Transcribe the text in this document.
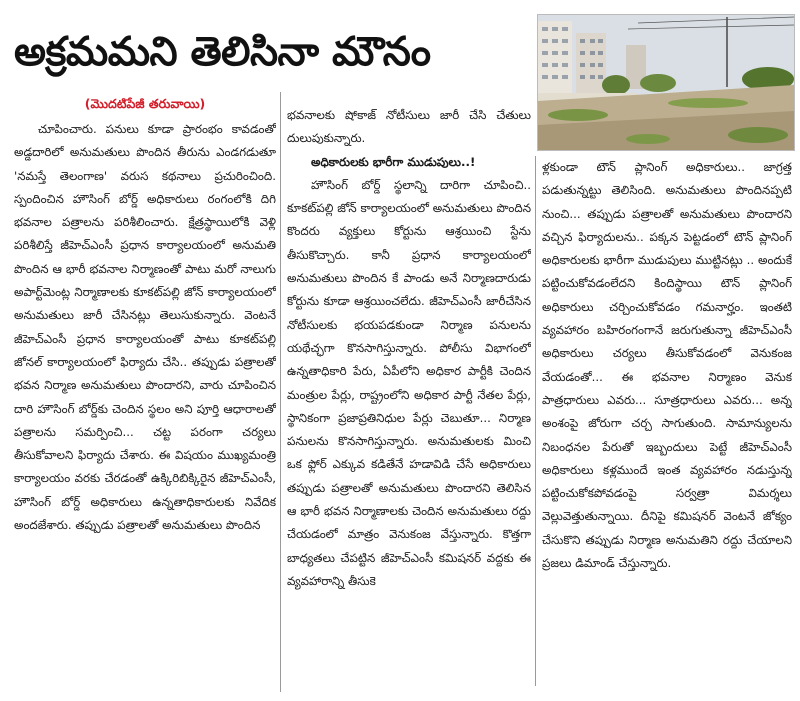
అక్రమమని తెలిసినా మౌనం

(మొదటిపేజీ తరువాయి)

చూపించారు. పనులు కూడా ప్రారంభం కావడంతో అడ్డదారిలో అనుమతులు పొందిన తీరును ఎండగడుతూ 'నమస్తే తెలంగాణ' వరుస కథనాలు ప్రచురించింది. స్పందించిన హౌసింగ్ బోర్డ్ అధికారులు రంగంలోకి దిగి భవనాల పత్రాలను పరిశీలించారు. క్షేత్రస్థాయిలోకి వెళ్లి పరిశీలిస్తే జీహెచ్ఎంసీ ప్రధాన కార్యాలయంలో అనుమతి పొందిన ఆ భారీ భవనాల నిర్మాణంతో పాటు మరో నాలుగు అపార్ట్‌మెంట్ల నిర్మాణాలకు కూకట్‌పల్లి జోన్ కార్యాలయంలో అనుమతులు జారీ చేసినట్లు తెలుసుకున్నారు. వెంటనే జీహెచ్ఎంసీ ప్రధాన కార్యాలయంతో పాటు కూకట్‌పల్లి జోనల్ కార్యాలయంలో ఫిర్యాదు చేసి.. తప్పుడు పత్రాలతో భవన నిర్మాణ అనుమతులు పొందారని, వారు చూపించిన దారి హౌసింగ్ బోర్డ్‌కు చెందిన స్థలం అని పూర్తి ఆధారాలతో పత్రాలను సమర్పించి... చట్ట పరంగా చర్యలు తీసుకోవాలని ఫిర్యాదు చేశారు. ఈ విషయం ముఖ్యమంత్రి కార్యాలయం వరకు చేరడంతో ఉక్కిరిబిక్కిరైన జీహెచ్ఎంసీ, హౌసింగ్ బోర్డ్ అధికారులు ఉన్నతాధికారులకు నివేదిక అందజేశారు. తప్పుడు పత్రాలతో అనుమతులు పొందిన

భవనాలకు షోకాజ్ నోటీసులు జారీ చేసి చేతులు దులుపుకున్నారు.

అధికారులకు భారీగా ముడుపులు..!

హౌసింగ్ బోర్డ్ స్థలాన్ని దారిగా చూపించి.. కూకట్‌పల్లి జోన్ కార్యాలయంలో అనుమతులు పొందిన కొందరు వ్యక్తులు కోర్టును ఆశ్రయించి స్టేను తీసుకొచ్చారు. కానీ ప్రధాన కార్యాలయంలో అనుమతులు పొందిన కే పాండు అనే నిర్మాణదారుడు కోర్టును కూడా ఆశ్రయించలేదు. జీహెచ్ఎంసీ జారీచేసిన నోటీసులకు భయపడకుండా నిర్మాణ పనులను యథేచ్ఛగా కొనసాగిస్తున్నారు. పోలీసు విభాగంలో ఉన్నతాధికారి పేరు, ఏపీలోని అధికార పార్టీకి చెందిన మంత్రుల పేర్లు, రాష్ట్రంలోని అధికార పార్టీ నేతల పేర్లు, స్థానికంగా ప్రజాప్రతినిధుల పేర్లు చెబుతూ... నిర్మాణ పనులను కొనసాగిస్తున్నారు. అనుమతులకు మించి ఒక ఫ్లోర్ ఎక్కువ కడితేనే హడావిడి చేసే అధికారులు తప్పుడు పత్రాలతో అనుమతులు పొందారని తెలిసిన ఆ భారీ భవన నిర్మాణాలకు చెందిన అనుమతులు రద్దు చేయడంలో మాత్రం వెనుకంజ వేస్తున్నారు. కొత్తగా బాధ్యతలు చేపట్టిన జీహెచ్ఎంసీ కమిషనర్ వద్దకు ఈ వ్యవహారాన్ని తీసుకె

ళ్లకుండా టౌన్ ప్లానింగ్ అధికారులు.. జాగ్రత్త పడుతున్నట్టు తెలిసింది. అనుమతులు పొందినప్పటి నుంచి... తప్పుడు పత్రాలతో అనుమతులు పొందారని వచ్చిన ఫిర్యాదులను.. పక్కన పెట్టడంలో టౌన్ ప్లానింగ్ అధికారులకు భారీగా ముడుపులు ముట్టినట్లు .. అందుకే పట్టించుకోవడంలేదని కిందిస్థాయి టౌన్ ప్లానింగ్ అధికారులు చర్చించుకోవడం గమనార్హం. ఇంతటి వ్యవహారం బహిరంగంగానే జరుగుతున్నా జీహెచ్ఎంసీ అధికారులు చర్యలు తీసుకోవడంలో వెనుకంజ వేయడంతో... ఈ భవనాల నిర్మాణం వెనుక పాత్రధారులు ఎవరు... సూత్రధారులు ఎవరు... అన్న అంశంపై జోరుగా చర్చ సాగుతుంది. సామాన్యులను నిబంధనల పేరుతో ఇబ్బందులు పెట్టే జీహెచ్ఎంసీ అధికారులు కళ్లముందే ఇంత వ్యవహారం నడుస్తున్న పట్టించుకోకపోవడంపై సర్వత్రా విమర్శలు వెల్లువెత్తుతున్నాయి. దీనిపై కమిషనర్ వెంటనే జోక్యం చేసుకొని తప్పుడు నిర్మాణ అనుమతిని రద్దు చేయాలని ప్రజలు డిమాండ్ చేస్తున్నారు.
